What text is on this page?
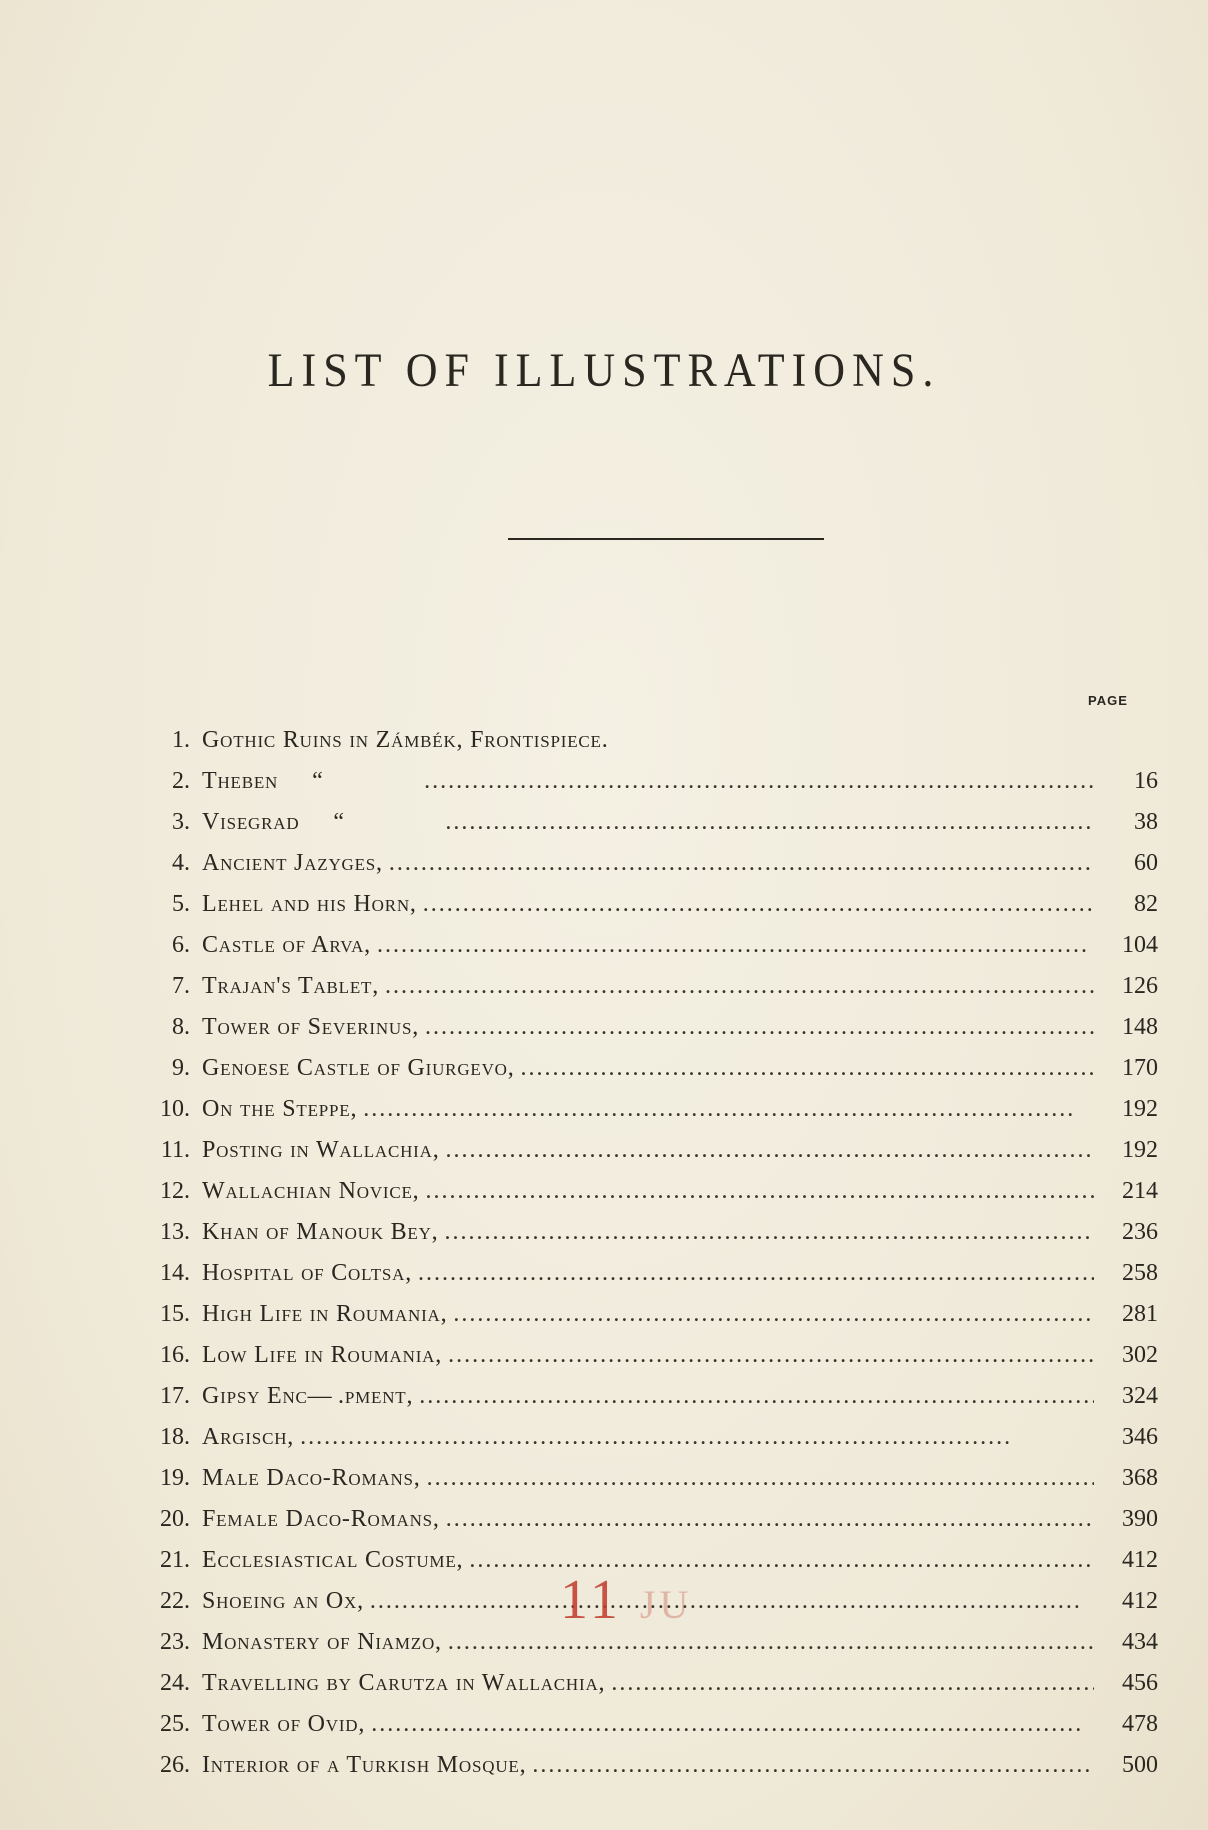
LIST OF ILLUSTRATIONS.
PAGE
1. Gothic Ruins in Zámbék, Frontispiece.
2. Theben	“ . . .	16
3. Visegrad	“ . . .	38
4. Ancient Jazyges, . . .	60
5. Lehel and his Horn, . . .	82
6. Castle of Arva, . . .	104
7. Trajan's Tablet, . . .	126
8. Tower of Severinus, . . .	148
9. Genoese Castle of Giurgevo, . . .	170
10. On the Steppe, . . .	192
11. Posting in Wallachia, . . .	192
12. Wallachian Novice, . . .	214
13. Khan of Manouk Bey, . . .	236
14. Hospital of Coltsa, . . .	258
15. High Life in Roumania, . . .	281
16. Low Life in Roumania, . . .	302
17. Gipsy Enc— .pment, . . .	324
18. Argisch, . . .	346
19. Male Daco-Romans, . . .	368
20. Female Daco-Romans, . . .	390
21. Ecclesiastical Costume, . . .	412
22. Shoeing an Ox, . . .	412
23. Monastery of Niamzo, . . .	434
24. Travelling by Carutza in Wallachia, . . .	456
25. Tower of Ovid, . . .	478
26. Interior of a Turkish Mosque, . . .	500
11 JU
